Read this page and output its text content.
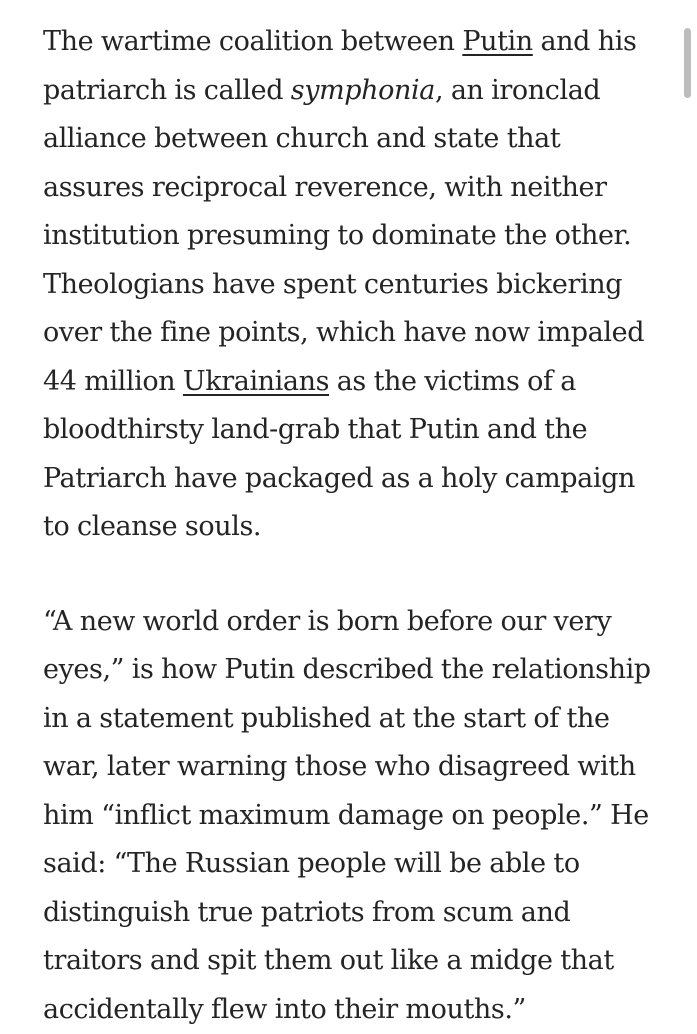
The wartime coalition between Putin and his patriarch is called symphonia, an ironclad alliance between church and state that assures reciprocal reverence, with neither institution presuming to dominate the other. Theologians have spent centuries bickering over the fine points, which have now impaled 44 million Ukrainians as the victims of a bloodthirsty land-grab that Putin and the Patriarch have packaged as a holy campaign to cleanse souls.

“A new world order is born before our very eyes,” is how Putin described the relationship in a statement published at the start of the war, later warning those who disagreed with him “inflict maximum damage on people.” He said: “The Russian people will be able to distinguish true patriots from scum and traitors and spit them out like a midge that accidentally flew into their mouths.”
